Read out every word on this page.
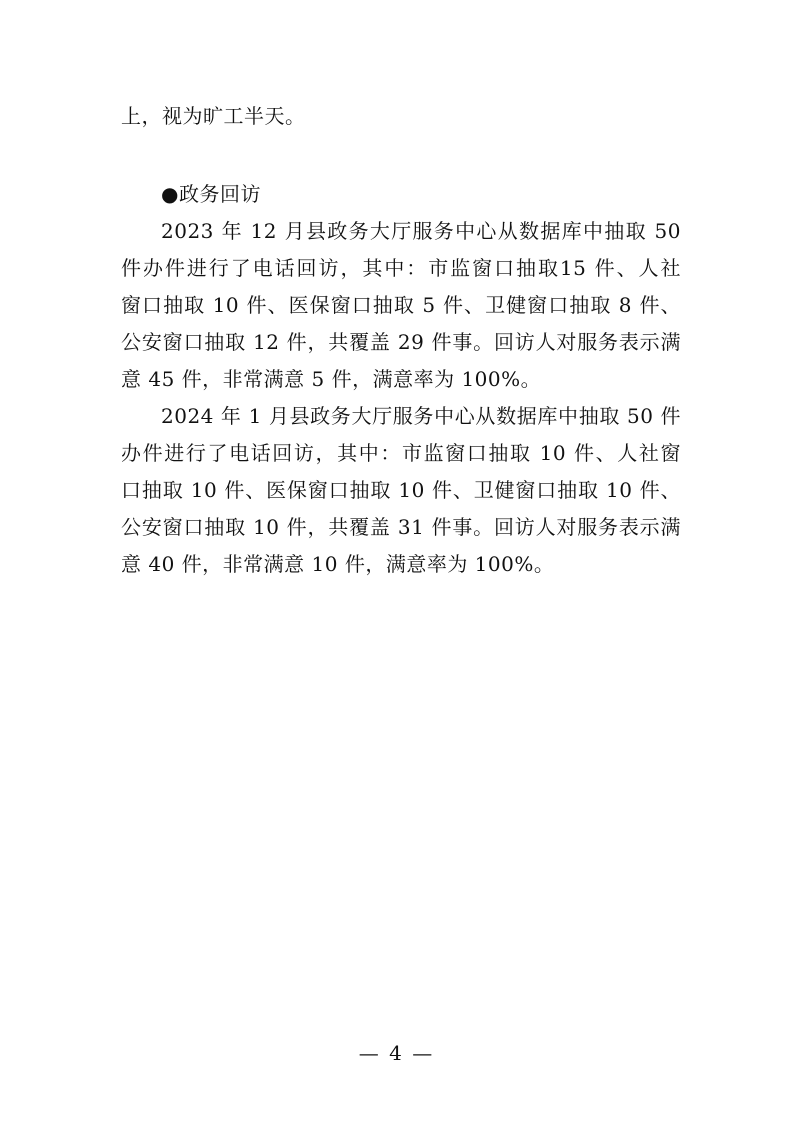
上，视为旷工半天。
●政务回访
2023 年 12 月县政务大厅服务中心从数据库中抽取 50
件办件进行了电话回访，其中：市监窗口抽取15 件、人社
窗口抽取 10 件、医保窗口抽取 5 件、卫健窗口抽取 8 件、
公安窗口抽取 12 件，共覆盖 29 件事。回访人对服务表示满
意 45 件，非常满意 5 件，满意率为 100%。
2024 年 1 月县政务大厅服务中心从数据库中抽取 50 件
办件进行了电话回访，其中：市监窗口抽取 10 件、人社窗
口抽取 10 件、医保窗口抽取 10 件、卫健窗口抽取 10 件、
公安窗口抽取 10 件，共覆盖 31 件事。回访人对服务表示满
意 40 件，非常满意 10 件，满意率为 100%。
— 4 —
